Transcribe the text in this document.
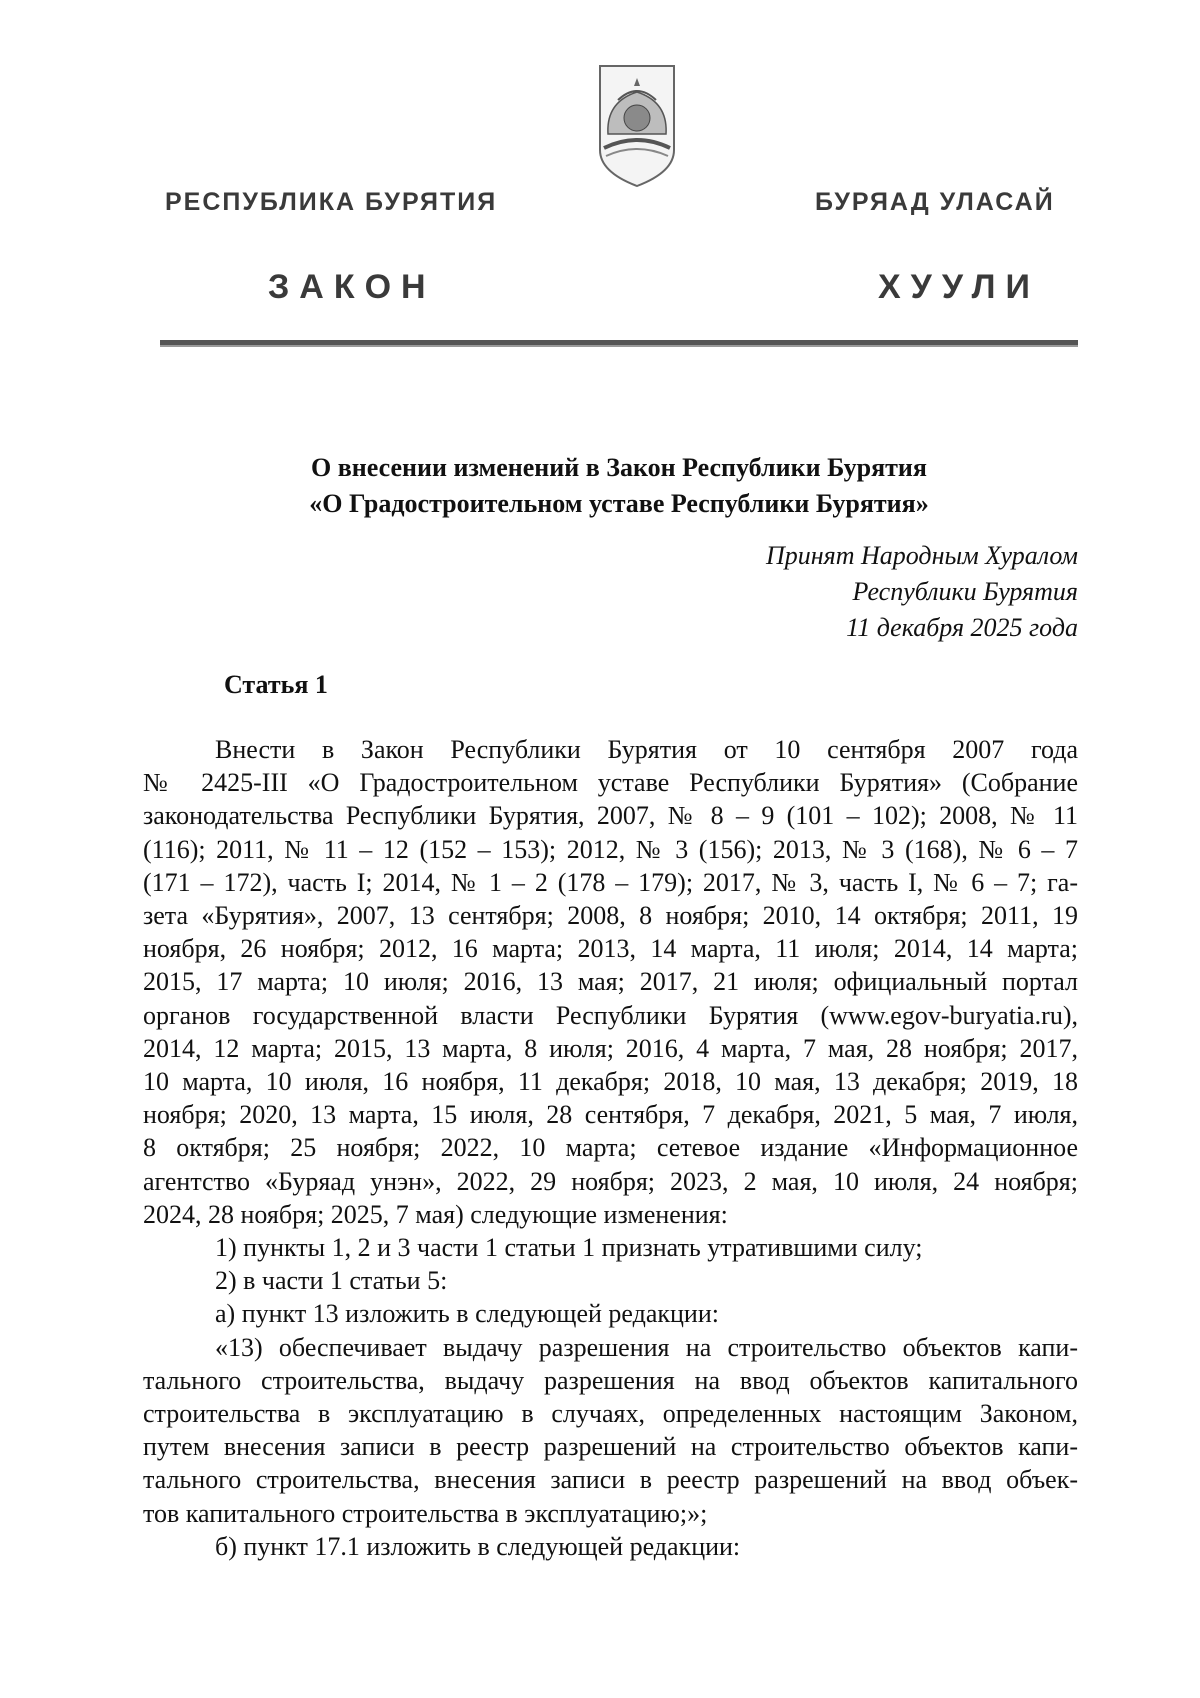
РЕСПУБЛИКА БУРЯТИЯ	БУРЯАД УЛАСАЙ
ЗАКОН	ХУУЛИ
О внесении изменений в Закон Республики Бурятия
«О Градостроительном уставе Республики Бурятия»
Принят Народным Хуралом
Республики Бурятия
11 декабря 2025 года
Статья 1
Внести в Закон Республики Бурятия от 10 сентября 2007 года
№ 2425-III «О Градостроительном уставе Республики Бурятия» (Собрание
законодательства Республики Бурятия, 2007, № 8 – 9 (101 – 102); 2008, № 11
(116); 2011, № 11 – 12 (152 – 153); 2012, № 3 (156); 2013, № 3 (168), № 6 – 7
(171 – 172), часть I; 2014, № 1 – 2 (178 – 179); 2017, № 3, часть I, № 6 – 7; га-
зета «Бурятия», 2007, 13 сентября; 2008, 8 ноября; 2010, 14 октября; 2011, 19
ноября, 26 ноября; 2012, 16 марта; 2013, 14 марта, 11 июля; 2014, 14 марта;
2015, 17 марта; 10 июля; 2016, 13 мая; 2017, 21 июля; официальный портал
органов государственной власти Республики Бурятия (www.egov-buryatia.ru),
2014, 12 марта; 2015, 13 марта, 8 июля; 2016, 4 марта, 7 мая, 28 ноября; 2017,
10 марта, 10 июля, 16 ноября, 11 декабря; 2018, 10 мая, 13 декабря; 2019, 18
ноября; 2020, 13 марта, 15 июля, 28 сентября, 7 декабря, 2021, 5 мая, 7 июля,
8 октября; 25 ноября; 2022, 10 марта; сетевое издание «Информационное
агентство «Буряад унэн», 2022, 29 ноября; 2023, 2 мая, 10 июля, 24 ноября;
2024, 28 ноября; 2025, 7 мая) следующие изменения:
1) пункты 1, 2 и 3 части 1 статьи 1 признать утратившими силу;
2) в части 1 статьи 5:
а) пункт 13 изложить в следующей редакции:
«13) обеспечивает выдачу разрешения на строительство объектов капи-
тального строительства, выдачу разрешения на ввод объектов капитального
строительства в эксплуатацию в случаях, определенных настоящим Законом,
путем внесения записи в реестр разрешений на строительство объектов капи-
тального строительства, внесения записи в реестр разрешений на ввод объек-
тов капитального строительства в эксплуатацию;»;
б) пункт 17.1 изложить в следующей редакции:
